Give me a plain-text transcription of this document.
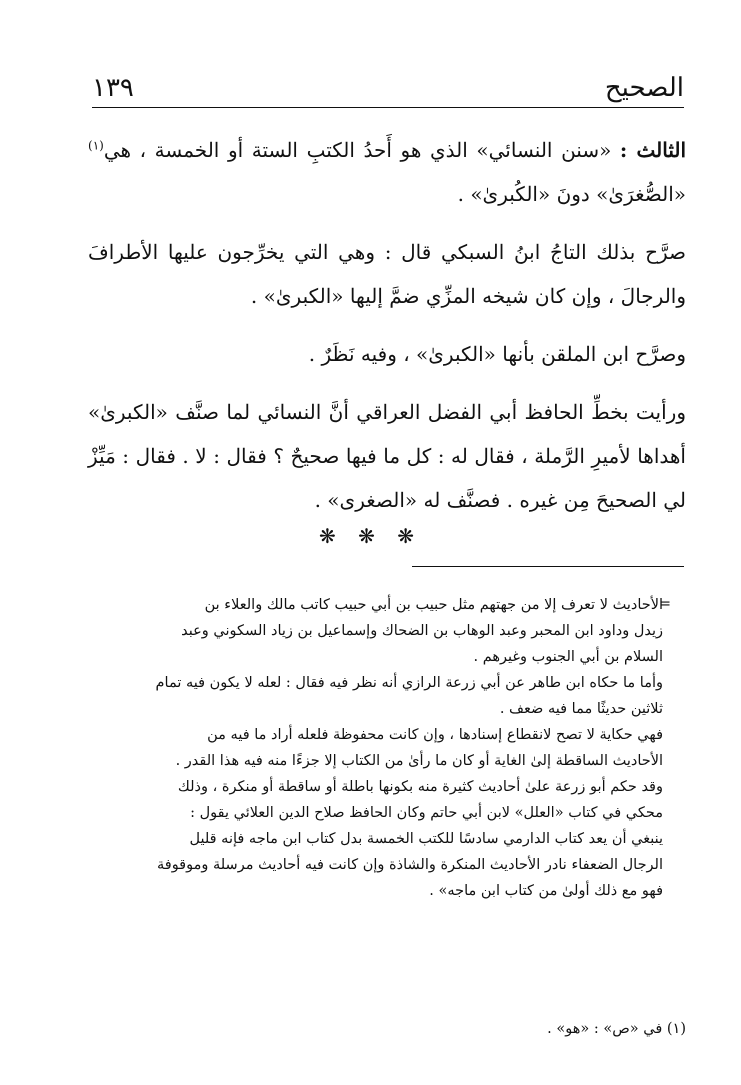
١٣٩	الصحيح

الثالث : «سنن النسائي» الذي هو أَحدُ الكتبِ الستة أو الخمسة ، هي$^{(١)}$ «الصُّغرَىٰ» دونَ «الكُبرىٰ» .

صرَّح بذلك التاجُ ابنُ السبكي قال : وهي التي يخرِّجون عليها الأطرافَ والرجالَ ، وإن كان شيخه المزِّي ضمَّ إليها «الكبرىٰ» .

وصرَّح ابن الملقن بأنها «الكبرىٰ» ، وفيه نَظَرٌ .

ورأيت بخطِّ الحافظ أبي الفضل العراقي أنَّ النسائي لما صنَّف «الكبرىٰ» أهداها لأميرِ الرَّملة ، فقال له : كل ما فيها صحيحٌ ؟ فقال : لا . فقال : مَيِّزْ لي الصحيحَ مِن غيره . فصنَّف له «الصغرى» .

❋ ❋ ❋
=

الأحاديث لا تعرف إلا من جهتهم مثل حبيب بن أبي حبيب كاتب مالك والعلاء بن

زيدل وداود ابن المحبر وعبد الوهاب بن الضحاك وإسماعيل بن زياد السكوني وعبد

السلام بن أبي الجنوب وغيرهم .

وأما ما حكاه ابن طاهر عن أبي زرعة الرازي أنه نظر فيه فقال : لعله لا يكون فيه تمام

ثلاثين حديثًا مما فيه ضعف .

فهي حكاية لا تصح لانقطاع إسنادها ، وإن كانت محفوظة فلعله أراد ما فيه من

الأحاديث الساقطة إلىٰ الغاية أو كان ما رأىٰ من الكتاب إلا جزءًا منه فيه هذا القدر .

وقد حكم أبو زرعة علىٰ أحاديث كثيرة منه بكونها باطلة أو ساقطة أو منكرة ، وذلك

محكي في كتاب «العلل» لابن أبي حاتم وكان الحافظ صلاح الدين العلائي يقول :

ينبغي أن يعد كتاب الدارمي سادسًا للكتب الخمسة بدل كتاب ابن ماجه فإنه قليل

الرجال الضعفاء نادر الأحاديث المنكرة والشاذة وإن كانت فيه أحاديث مرسلة وموقوفة

فهو مع ذلك أولىٰ من كتاب ابن ماجه» .

(١) في «ص» : «هو» .
